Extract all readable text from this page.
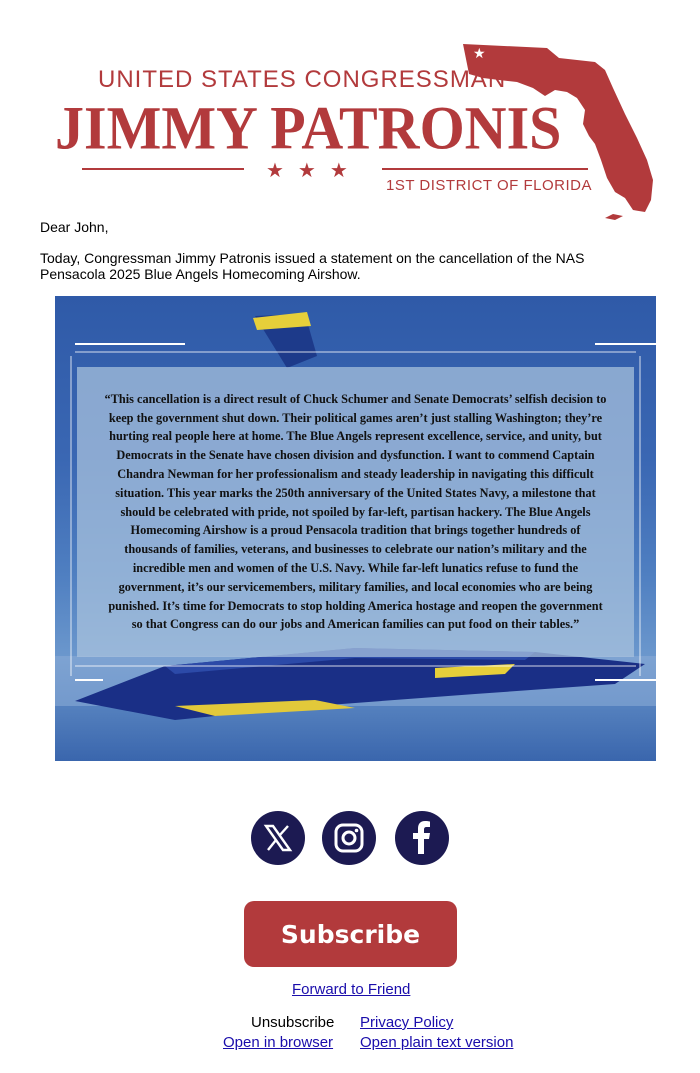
★
UNITED STATES CONGRESSMAN
JIMMY PATRONIS
★★★
1ST DISTRICT OF FLORIDA
Dear John,
Today, Congressman Jimmy Patronis issued a statement on the cancellation of the NAS Pensacola 2025 Blue Angels Homecoming Airshow.

“This cancellation is a direct result of Chuck Schumer and Senate Democrats’ selfish decision to keep the government shut down. Their political games aren’t just stalling Washington; they’re hurting real people here at home. The Blue Angels represent excellence, service, and unity, but Democrats in the Senate have chosen division and dysfunction. I want to commend Captain Chandra Newman for her professionalism and steady leadership in navigating this difficult situation. This year marks the 250th anniversary of the United States Navy, a milestone that should be celebrated with pride, not spoiled by far-left, partisan hackery. The Blue Angels Homecoming Airshow is a proud Pensacola tradition that brings together hundreds of thousands of families, veterans, and businesses to celebrate our nation’s military and the incredible men and women of the U.S. Navy. While far-left lunatics refuse to fund the government, it’s our servicemembers, military families, and local economies who are being punished. It’s time for Democrats to stop holding America hostage and reopen the government so that Congress can do our jobs and American families can put food on their tables.”

Subscribe
Forward to Friend
Unsubscribe Privacy Policy
Open in browser Open plain text version
